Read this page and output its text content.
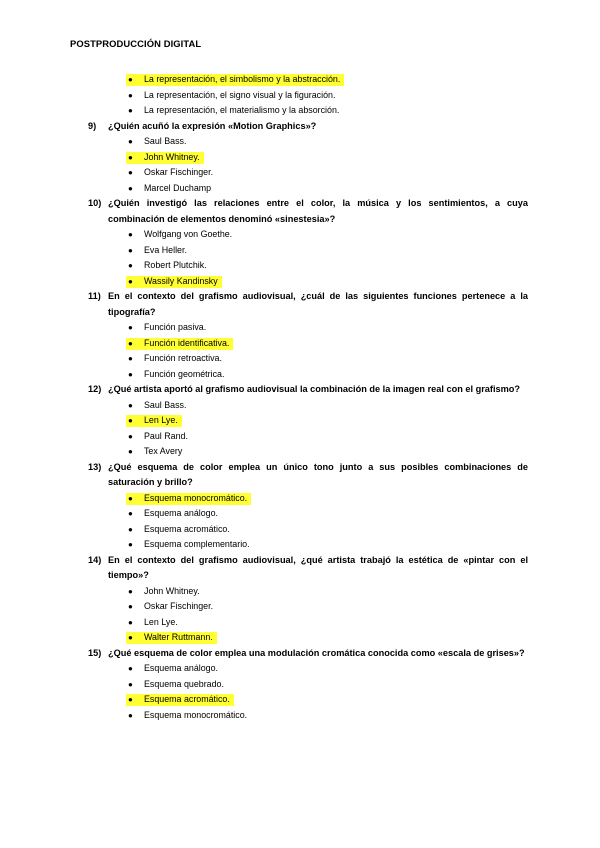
POSTPRODUCCIÓN DIGITAL
● La representación, el simbolismo y la abstracción.
● La representación, el signo visual y la figuración.
● La representación, el materialismo y la absorción.
9)	¿Quién acuñó la expresión «Motion Graphics»?
● Saul Bass.
● John Whitney.
● Oskar Fischinger.
● Marcel Duchamp
10) ¿Quién investigó las relaciones entre el color, la música y los sentimientos, a cuya combinación de elementos denominó «sinestesia»?
● Wolfgang von Goethe.
● Eva Heller.
● Robert Plutchik.
● Wassily Kandinsky
11) En el contexto del grafismo audiovisual, ¿cuál de las siguientes funciones pertenece a la tipografía?
● Función pasiva.
● Función identificativa.
● Función retroactiva.
● Función geométrica.
12) ¿Qué artista aportó al grafismo audiovisual la combinación de la imagen real con el grafismo?
● Saul Bass.
● Len Lye.
● Paul Rand.
● Tex Avery
13) ¿Qué esquema de color emplea un único tono junto a sus posibles combinaciones de saturación y brillo?
● Esquema monocromático.
● Esquema análogo.
● Esquema acromático.
● Esquema complementario.
14) En el contexto del grafismo audiovisual, ¿qué artista trabajó la estética de «pintar con el tiempo»?
● John Whitney.
● Oskar Fischinger.
● Len Lye.
● Walter Ruttmann.
15) ¿Qué esquema de color emplea una modulación cromática conocida como «escala de grises»?
● Esquema análogo.
● Esquema quebrado.
● Esquema acromático.
● Esquema monocromático.
